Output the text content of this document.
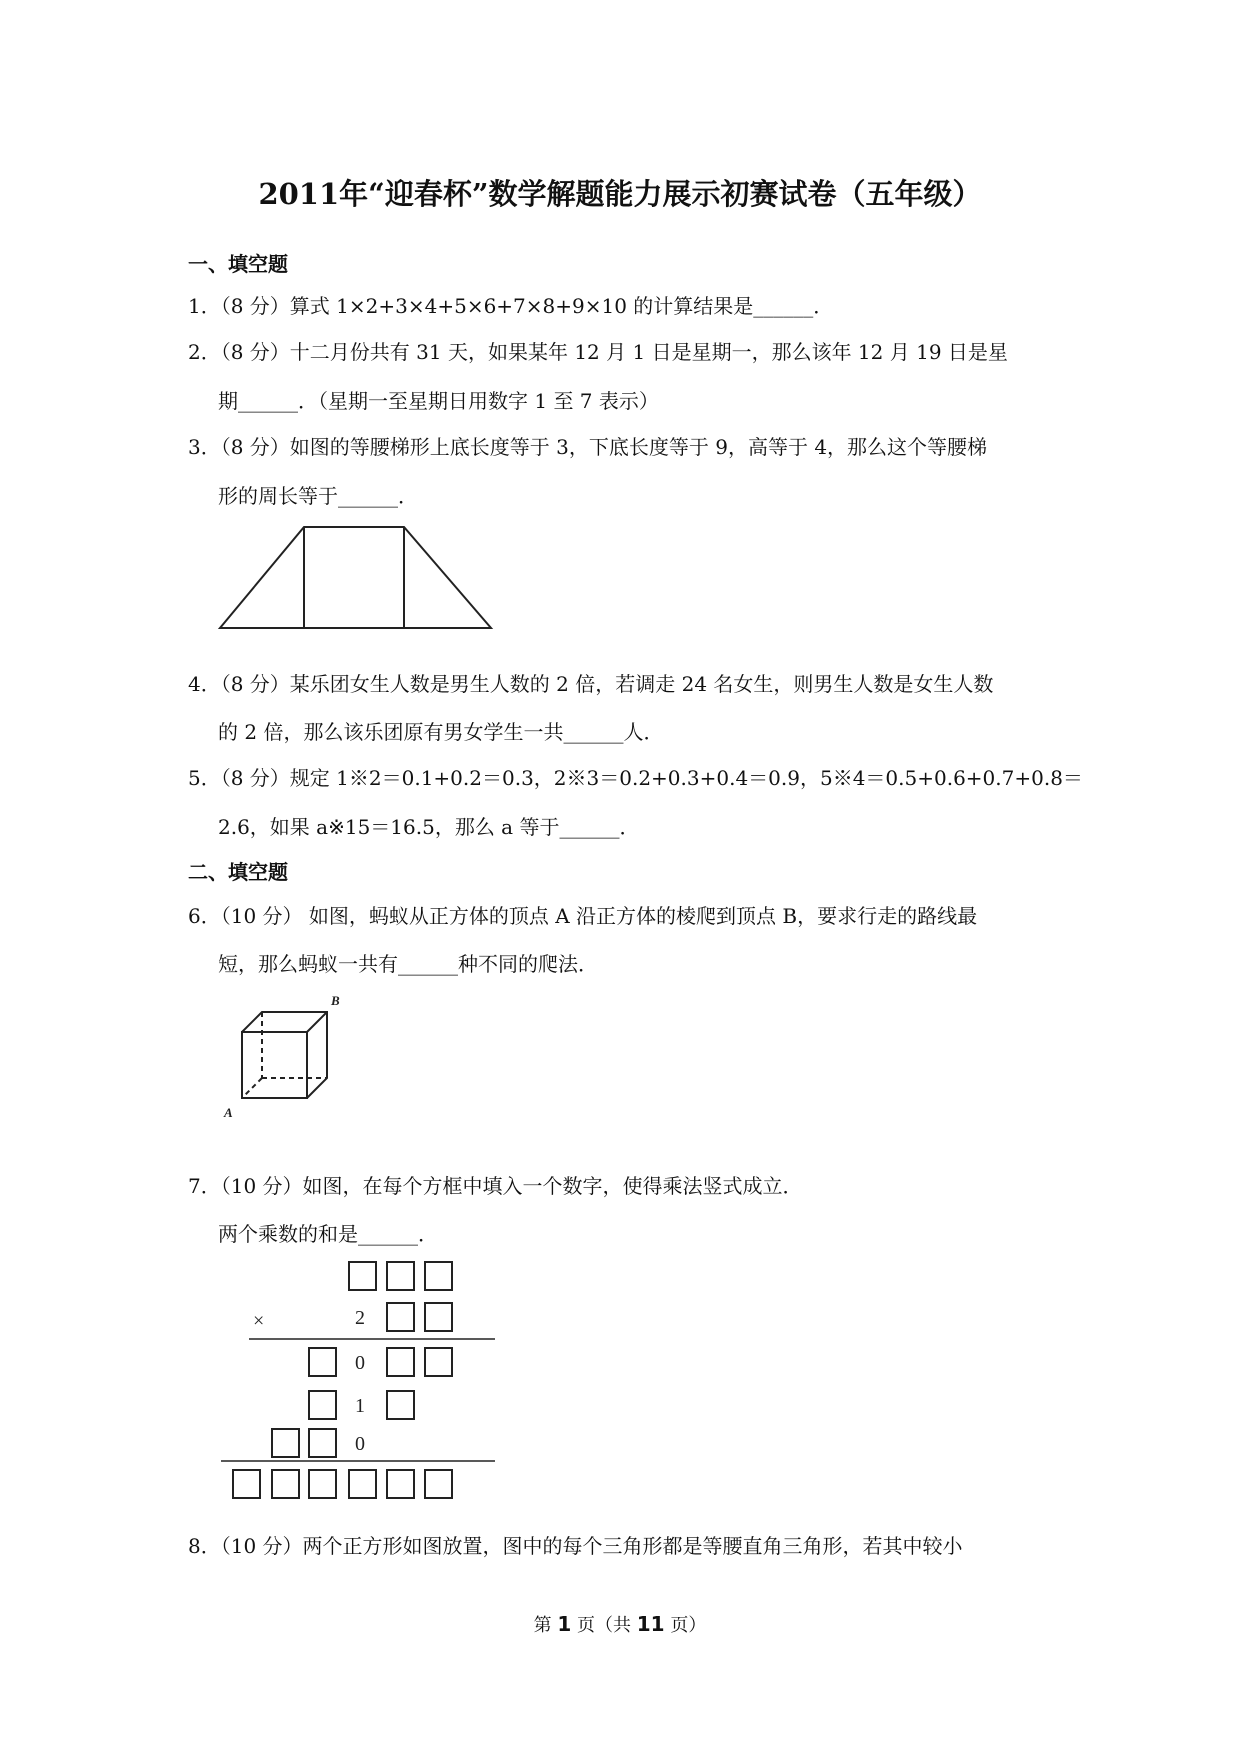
2011年“迎春杯”数学解题能力展示初赛试卷（五年级）
一、填空题
1．（8 分）算式 1×2+3×4+5×6+7×8+9×10 的计算结果是______．
2．（8 分）十二月份共有 31 天，如果某年 12 月 1 日是星期一，那么该年 12 月 19 日是星
期______．（星期一至星期日用数字 1 至 7 表示）
3．（8 分）如图的等腰梯形上底长度等于 3，下底长度等于 9，高等于 4，那么这个等腰梯
形的周长等于______．
4．（8 分）某乐团女生人数是男生人数的 2 倍，若调走 24 名女生，则男生人数是女生人数
的 2 倍，那么该乐团原有男女学生一共______人．
5．（8 分）规定 1※2＝0.1+0.2＝0.3，2※3＝0.2+0.3+0.4＝0.9，5※4＝0.5+0.6+0.7+0.8＝
2.6，如果 a※15＝16.5，那么 a 等于______．
二、填空题
6．（10 分） 如图，蚂蚁从正方体的顶点 A 沿正方体的棱爬到顶点 B，要求行走的路线最
短，那么蚂蚁一共有______种不同的爬法．
A
B
7．（10 分）如图，在每个方框中填入一个数字，使得乘法竖式成立．
两个乘数的和是______．
×	2
0
1
0
8．（10 分）两个正方形如图放置，图中的每个三角形都是等腰直角三角形，若其中较小
第 1 页（共 11 页）
